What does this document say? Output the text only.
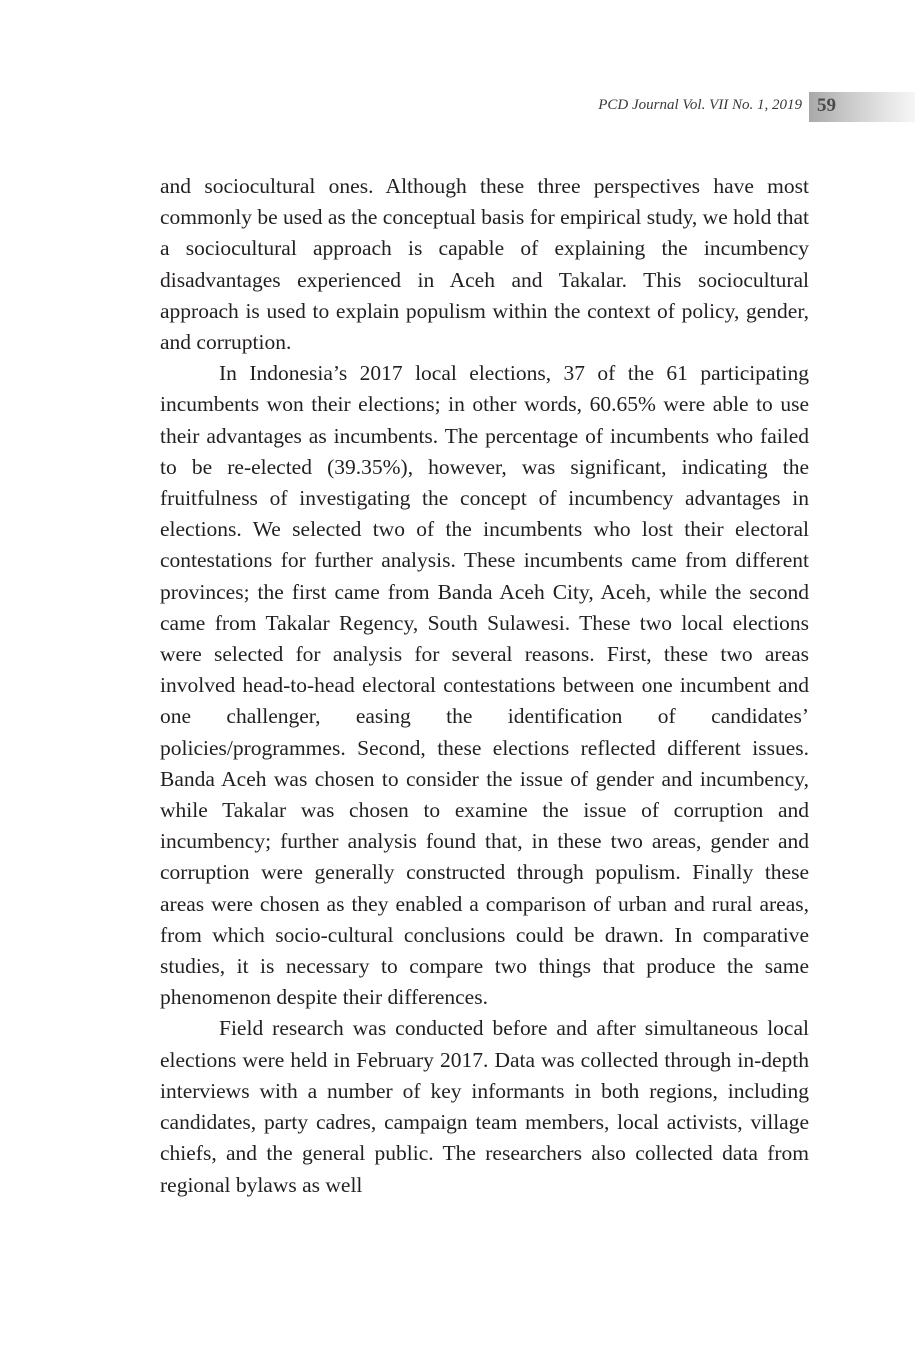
PCD Journal Vol. VII No. 1, 2019 59

and sociocultural ones. Although these three perspectives have most commonly be used as the conceptual basis for empirical study, we hold that a sociocultural approach is capable of explaining the incumbency disadvantages experienced in Aceh and Takalar. This sociocultural approach is used to explain populism within the context of policy, gender, and corruption.

In Indonesia’s 2017 local elections, 37 of the 61 participating incumbents won their elections; in other words, 60.65% were able to use their advantages as incumbents. The percentage of incumbents who failed to be re-elected (39.35%), however, was significant, indicating the fruitfulness of investigating the concept of incumbency advantages in elections. We selected two of the incumbents who lost their electoral contestations for further analysis. These incumbents came from different provinces; the first came from Banda Aceh City, Aceh, while the second came from Takalar Regency, South Sulawesi. These two local elections were selected for analysis for several reasons. First, these two areas involved head-to-head electoral contestations between one incumbent and one challenger, easing the identification of candidates’ policies/programmes. Second, these elections reflected different issues. Banda Aceh was chosen to consider the issue of gender and incumbency, while Takalar was chosen to examine the issue of corruption and incumbency; further analysis found that, in these two areas, gender and corruption were generally constructed through populism. Finally these areas were chosen as they enabled a comparison of urban and rural areas, from which socio-cultural conclusions could be drawn. In comparative studies, it is necessary to compare two things that produce the same phenomenon despite their differences.

Field research was conducted before and after simultaneous local elections were held in February 2017. Data was collected through in-depth interviews with a number of key informants in both regions, including candidates, party cadres, campaign team members, local activists, village chiefs, and the general public. The researchers also collected data from regional bylaws as well
